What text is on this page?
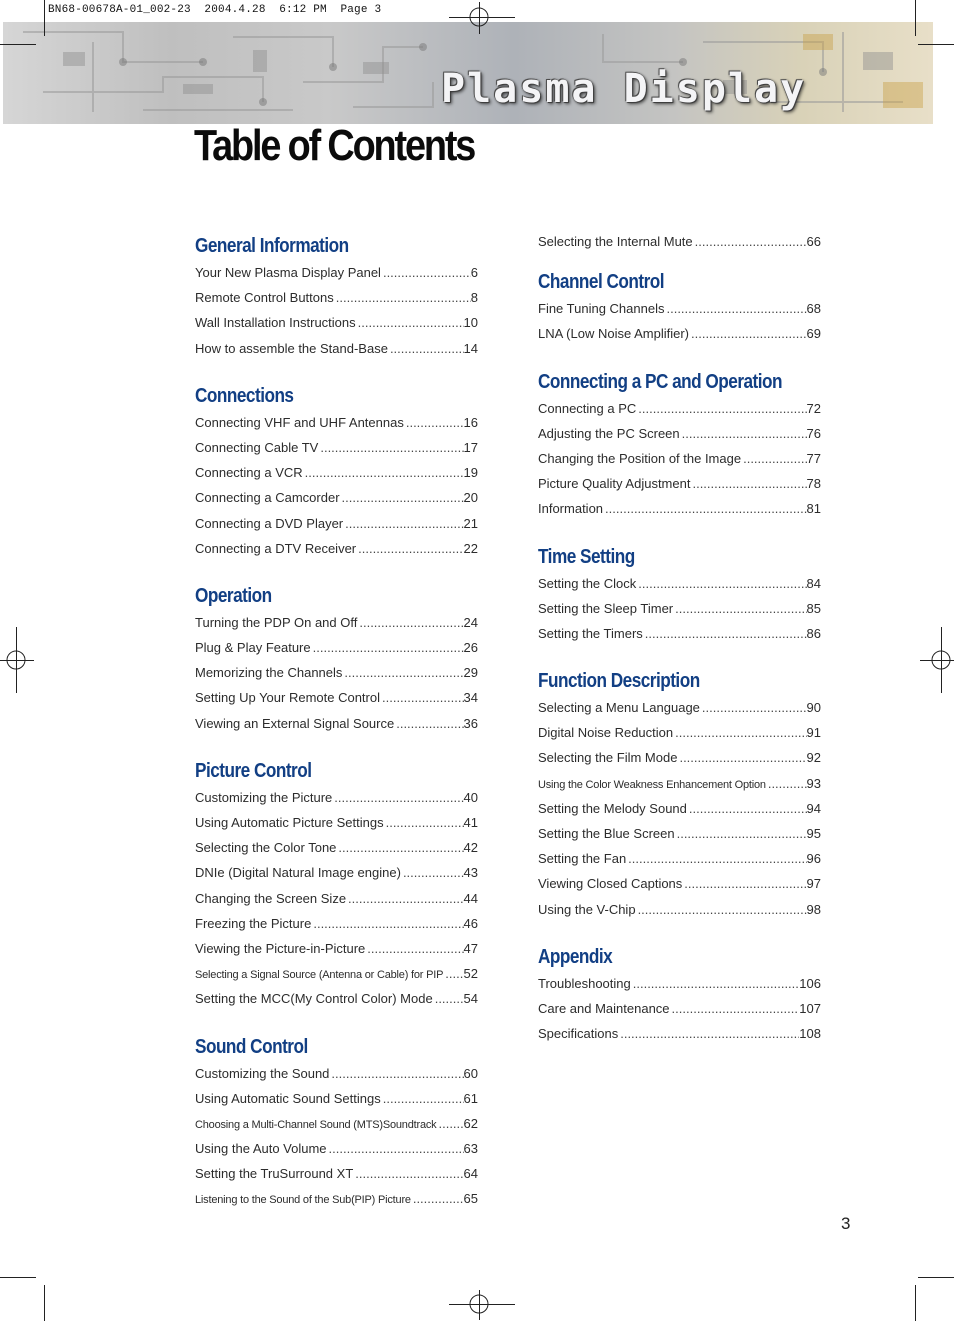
BN68-00678A-01_002-23  2004.4.28  6:12 PM  Page 3
Plasma Display
Table of Contents
General Information
Your New Plasma Display Panel .....	6
Remote Control Buttons .....	8
Wall Installation Instructions .....	10
How to assemble the Stand-Base .....	14
Connections
Connecting VHF and UHF Antennas .....	16
Connecting Cable TV .....	17
Connecting a VCR .....	19
Connecting a Camcorder .....	20
Connecting a DVD Player .....	21
Connecting a DTV Receiver .....	22
Operation
Turning the PDP On and Off .....	24
Plug & Play Feature .....	26
Memorizing the Channels .....	29
Setting Up Your Remote Control .....	34
Viewing an External Signal Source .....	36
Picture Control
Customizing the Picture .....	40
Using Automatic Picture Settings .....	41
Selecting the Color Tone .....	42
DNIe (Digital Natural Image engine) .....	43
Changing the Screen Size .....	44
Freezing the Picture .....	46
Viewing the Picture-in-Picture .....	47
Selecting a Signal Source (Antenna or Cable) for PIP ..... 52
Setting the MCC(My Control Color) Mode ..... 54
Sound Control
Customizing the Sound .....	60
Using Automatic Sound Settings .....	61
Choosing a Multi-Channel Sound (MTS)Soundtrack ..... 62
Using the Auto Volume .....	63
Setting the TruSurround XT .....	64
Listening to the Sound of the Sub(PIP) Picture .....	65
Selecting the Internal Mute .....	66
Channel Control
Fine Tuning Channels .....	68
LNA (Low Noise Amplifier) .....	69
Connecting a PC and Operation
Connecting a PC .....	72
Adjusting the PC Screen .....	76
Changing the Position of the Image .....	77
Picture Quality Adjustment .....	78
Information .....	81
Time Setting
Setting the Clock .....	84
Setting the Sleep Timer .....	85
Setting the Timers .....	86
Function Description
Selecting a Menu Language .....	90
Digital Noise Reduction .....	91
Selecting the Film Mode .....	92
Using the Color Weakness Enhancement Option .....	93
Setting the Melody Sound .....	94
Setting the Blue Screen .....	95
Setting the Fan .....	96
Viewing Closed Captions .....	97
Using the V-Chip .....	98
Appendix
Troubleshooting .....	106
Care and Maintenance .....	107
Specifications .....	108
3
